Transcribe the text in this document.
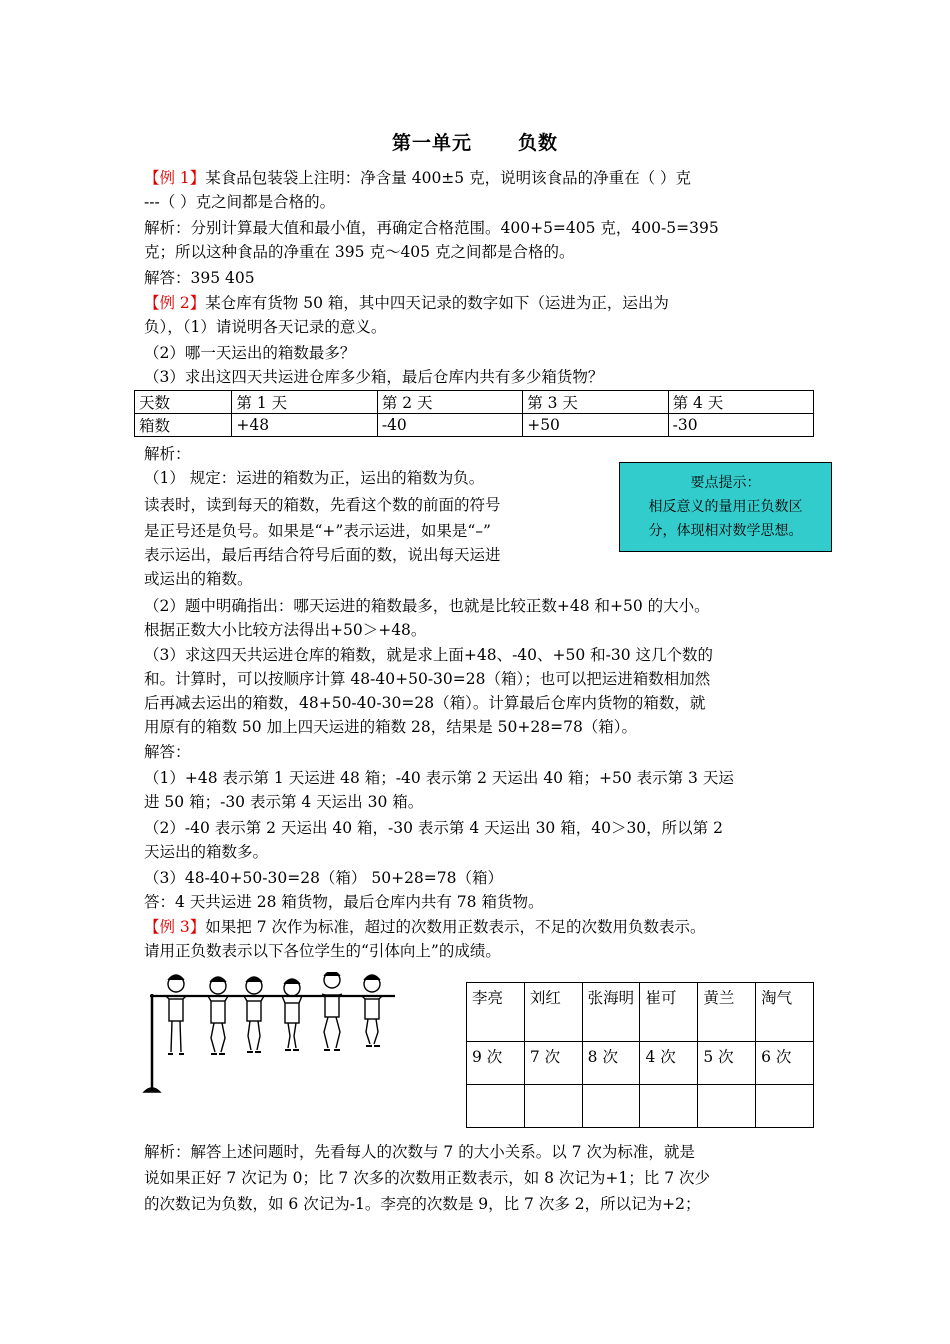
第一单元 负数
【例 1】某食品包装袋上注明：净含量 400±5 克，说明该食品的净重在（ ）克
---（ ）克之间都是合格的。
解析：分别计算最大值和最小值，再确定合格范围。400+5=405 克，400-5=395
克；所以这种食品的净重在 395 克～405 克之间都是合格的。
解答：395 405
【例 2】某仓库有货物 50 箱，其中四天记录的数字如下（运进为正，运出为
负），（1）请说明各天记录的意义。
（2）哪一天运出的箱数最多？
（3）求出这四天共运进仓库多少箱，最后仓库内共有多少箱货物？
天数	第 1 天	第 2 天	第 3 天	第 4 天
箱数	+48	-40	+50	-30
解析：
（1） 规定：运进的箱数为正，运出的箱数为负。
读表时，读到每天的箱数，先看这个数的前面的符号
是正号还是负号。如果是“+”表示运进，如果是“–”
表示运出，最后再结合符号后面的数，说出每天运进
或运出的箱数。
要点提示：
相反意义的量用正负数区
分，体现相对数学思想。
（2）题中明确指出：哪天运进的箱数最多，也就是比较正数+48 和+50 的大小。
根据正数大小比较方法得出+50＞+48。
（3）求这四天共运进仓库的箱数，就是求上面+48、-40、+50 和-30 这几个数的
和。计算时，可以按顺序计算 48-40+50-30=28（箱）；也可以把运进箱数相加然
后再减去运出的箱数，48+50-40-30=28（箱）。计算最后仓库内货物的箱数，就
用原有的箱数 50 加上四天运进的箱数 28，结果是 50+28=78（箱）。
解答：
（1）+48 表示第 1 天运进 48 箱；-40 表示第 2 天运出 40 箱；+50 表示第 3 天运
进 50 箱；-30 表示第 4 天运出 30 箱。
（2）-40 表示第 2 天运出 40 箱，-30 表示第 4 天运出 30 箱，40＞30，所以第 2
天运出的箱数多。
（3）48-40+50-30=28（箱） 50+28=78（箱）
答：4 天共运进 28 箱货物，最后仓库内共有 78 箱货物。
【例 3】如果把 7 次作为标准，超过的次数用正数表示，不足的次数用负数表示。
请用正负数表示以下各位学生的“引体向上”的成绩。
李亮	刘红	张海明	崔可	黄兰	淘气
9 次	7 次	8 次	4 次	5 次	6 次

解析：解答上述问题时，先看每人的次数与 7 的大小关系。以 7 次为标准，就是
说如果正好 7 次记为 0；比 7 次多的次数用正数表示，如 8 次记为+1；比 7 次少
的次数记为负数，如 6 次记为-1。李亮的次数是 9，比 7 次多 2，所以记为+2；
